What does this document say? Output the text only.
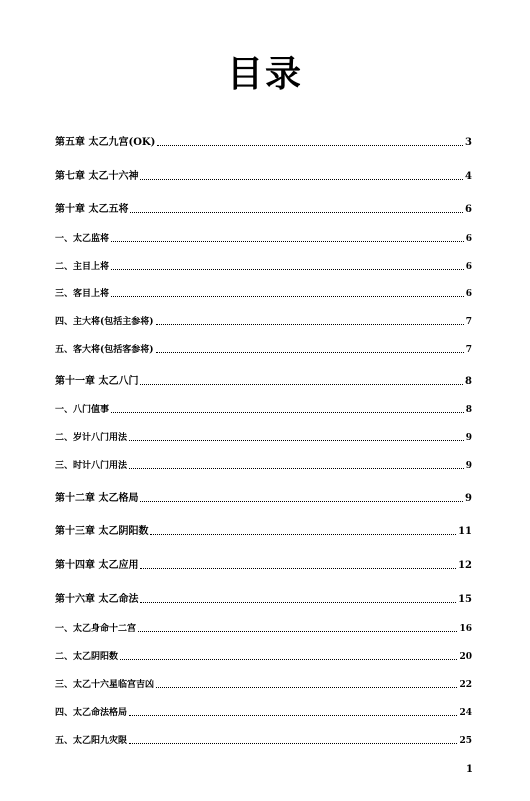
目录
第五章 太乙九宫(OK)	3
第七章 太乙十六神	4
第十章 太乙五将	6
一、太乙监将	6
二、主目上将	6
三、客目上将	6
四、主大将(包括主参将)	7
五、客大将(包括客参将)	7
第十一章 太乙八门	8
一、八门值事	8
二、岁计八门用法	9
三、时计八门用法	9
第十二章 太乙格局	9
第十三章 太乙阴阳数	11
第十四章 太乙应用	12
第十六章 太乙命法	15
一、太乙身命十二宫	16
二、太乙阴阳数	20
三、太乙十六星临宫吉凶	22
四、太乙命法格局	24
五、太乙阳九灾限	25
1
